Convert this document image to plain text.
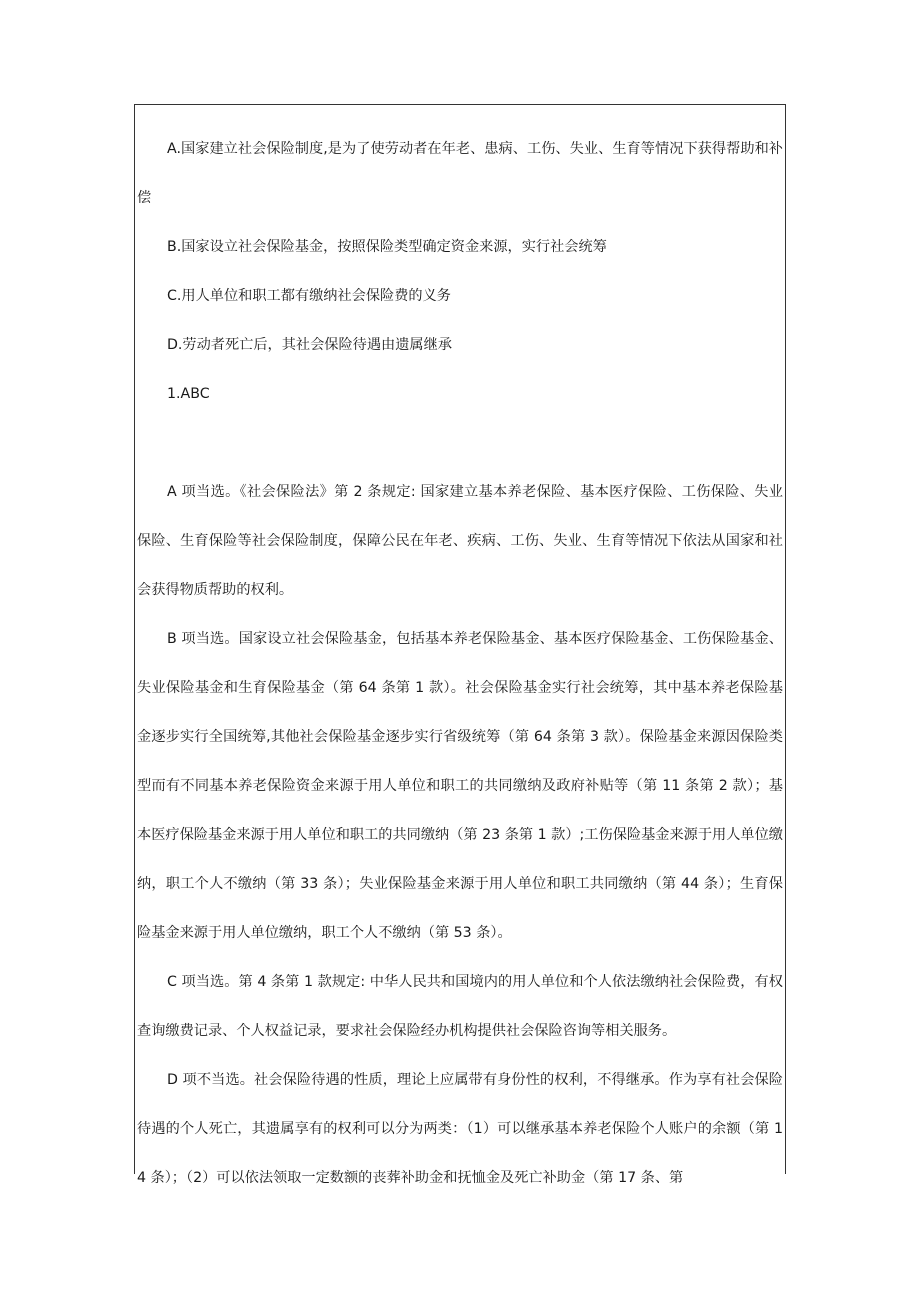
A.国家建立社会保险制度,是为了使劳动者在年老、患病、工伤、失业、生育等情况下获得帮助和补偿

B.国家设立社会保险基金，按照保险类型确定资金来源，实行社会统筹

C.用人单位和职工都有缴纳社会保险费的义务

D.劳动者死亡后，其社会保险待遇由遗属继承

1.ABC

A 项当选。《社会保险法》第 2 条规定: 国家建立基本养老保险、基本医疗保险、工伤保险、失业保险、生育保险等社会保险制度，保障公民在年老、疾病、工伤、失业、生育等情况下依法从国家和社会获得物质帮助的权利。

B 项当选。国家设立社会保险基金，包括基本养老保险基金、基本医疗保险基金、工伤保险基金、失业保险基金和生育保险基金（第 64 条第 1 款）。社会保险基金实行社会统筹，其中基本养老保险基金逐步实行全国统筹,其他社会保险基金逐步实行省级统筹（第 64 条第 3 款）。保险基金来源因保险类型而有不同基本养老保险资金来源于用人单位和职工的共同缴纳及政府补贴等（第 11 条第 2 款）；基本医疗保险基金来源于用人单位和职工的共同缴纳（第 23 条第 1 款）;工伤保险基金来源于用人单位缴纳，职工个人不缴纳（第 33 条）；失业保险基金来源于用人单位和职工共同缴纳（第 44 条）；生育保险基金来源于用人单位缴纳，职工个人不缴纳（第 53 条）。

C 项当选。第 4 条第 1 款规定: 中华人民共和国境内的用人单位和个人依法缴纳社会保险费，有权查询缴费记录、个人权益记录，要求社会保险经办机构提供社会保险咨询等相关服务。

D 项不当选。社会保险待遇的性质，理论上应属带有身份性的权利，不得继承。作为享有社会保险待遇的个人死亡，其遗属享有的权利可以分为两类：（1）可以继承基本养老保险个人账户的余额（第 14 条）；（2）可以依法领取一定数额的丧葬补助金和抚恤金及死亡补助金（第 17 条、第
